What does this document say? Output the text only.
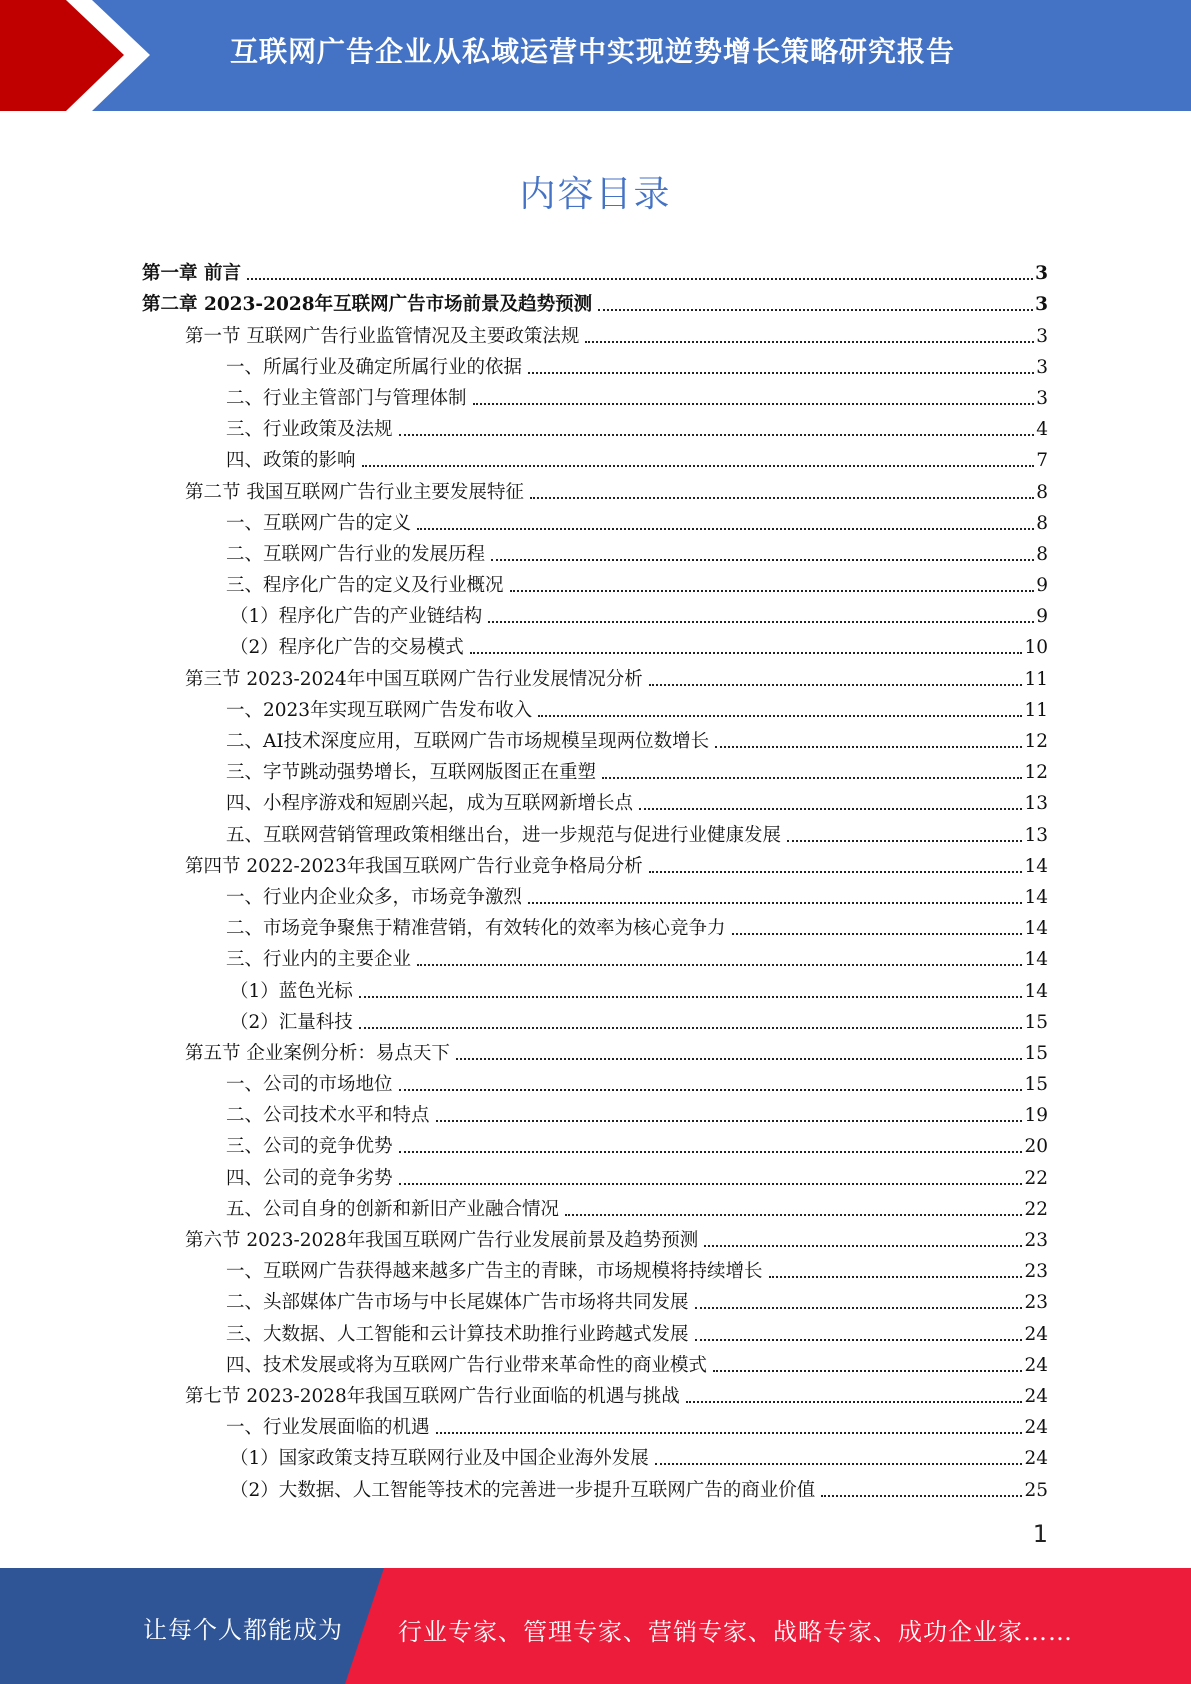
互联网广告企业从私域运营中实现逆势增长策略研究报告
内容目录
第一章 前言	3
第二章 2023-2028年互联网广告市场前景及趋势预测	3
第一节 互联网广告行业监管情况及主要政策法规	3
一、所属行业及确定所属行业的依据	3
二、行业主管部门与管理体制	3
三、行业政策及法规	4
四、政策的影响	7
第二节 我国互联网广告行业主要发展特征	8
一、互联网广告的定义	8
二、互联网广告行业的发展历程	8
三、程序化广告的定义及行业概况	9
（1）程序化广告的产业链结构	9
（2）程序化广告的交易模式	10
第三节 2023-2024年中国互联网广告行业发展情况分析	11
一、2023年实现互联网广告发布收入	11
二、AI技术深度应用，互联网广告市场规模呈现两位数增长	12
三、字节跳动强势增长，互联网版图正在重塑	12
四、小程序游戏和短剧兴起，成为互联网新增长点	13
五、互联网营销管理政策相继出台，进一步规范与促进行业健康发展	13
第四节 2022-2023年我国互联网广告行业竞争格局分析	14
一、行业内企业众多，市场竞争激烈	14
二、市场竞争聚焦于精准营销，有效转化的效率为核心竞争力	14
三、行业内的主要企业	14
（1）蓝色光标	14
（2）汇量科技	15
第五节 企业案例分析：易点天下	15
一、公司的市场地位	15
二、公司技术水平和特点	19
三、公司的竞争优势	20
四、公司的竞争劣势	22
五、公司自身的创新和新旧产业融合情况	22
第六节 2023-2028年我国互联网广告行业发展前景及趋势预测	23
一、互联网广告获得越来越多广告主的青睐，市场规模将持续增长	23
二、头部媒体广告市场与中长尾媒体广告市场将共同发展	23
三、大数据、人工智能和云计算技术助推行业跨越式发展	24
四、技术发展或将为互联网广告行业带来革命性的商业模式	24
第七节 2023-2028年我国互联网广告行业面临的机遇与挑战	24
一、行业发展面临的机遇	24
（1）国家政策支持互联网行业及中国企业海外发展	24
（2）大数据、人工智能等技术的完善进一步提升互联网广告的商业价值	25
1
让每个人都能成为 行业专家、管理专家、营销专家、战略专家、成功企业家……
